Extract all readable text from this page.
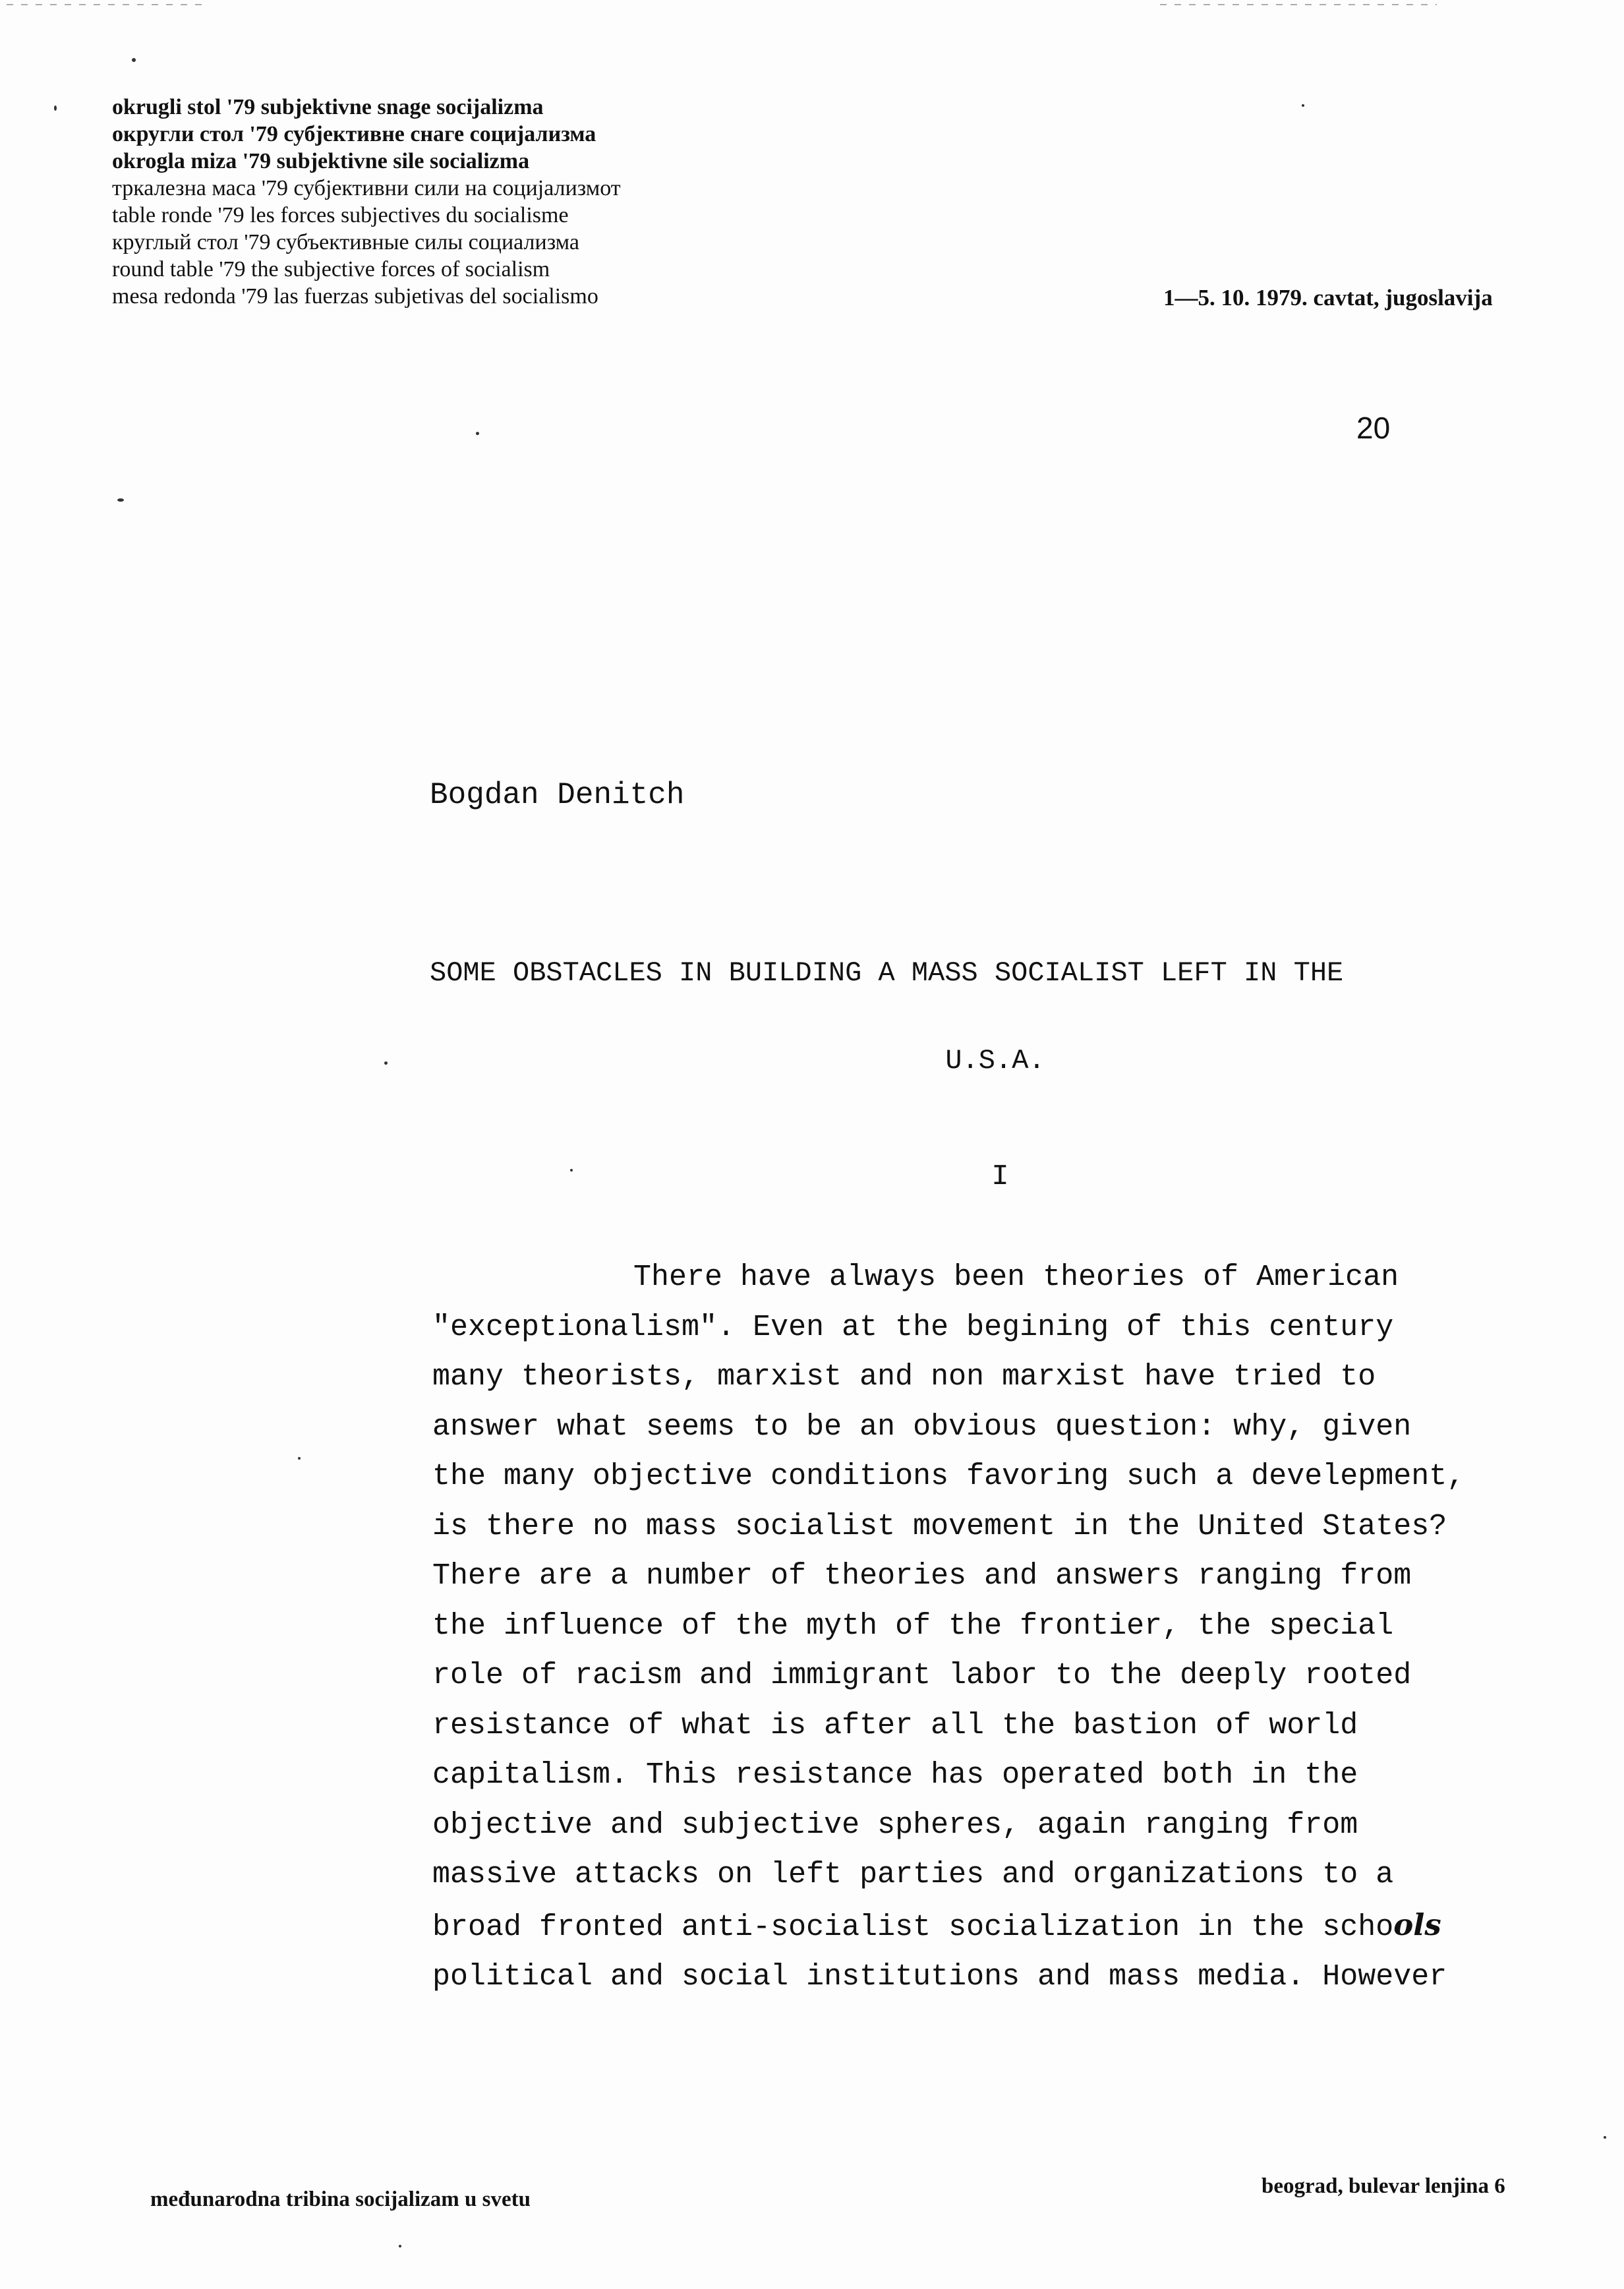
okrugli stol '79 subjektivne snage socijalizma
округли стол '79 субјективне снаге социјализма
okrogla miza '79 subjektivne sile socializma
тркалезна маса '79 субјективни сили на социјализмот
table ronde '79 les forces subjectives du socialisme
круглый стол '79 субъективные силы социализма
round table '79 the subjective forces of socialism
mesa redonda '79 las fuerzas subjetivas del socialismo	1—5. 10. 1979. cavtat, jugoslavija
20
Bogdan Denitch
SOME OBSTACLES IN BUILDING A MASS SOCIALIST LEFT IN THE
U.S.A.
I
There have always been theories of American
"exceptionalism". Even at the begining of this century
many theorists, marxist and non marxist have tried to
answer what seems to be an obvious question: why, given
the many objective conditions favoring such a develepment,
is there no mass socialist movement in the United States?
There are a number of theories and answers ranging from
the influence of the myth of the frontier, the special
role of racism and immigrant labor to the deeply rooted
resistance of what is after all the bastion of world
capitalism. This resistance has operated both in the
objective and subjective spheres, again ranging from
massive attacks on left parties and organizations to a
broad fronted anti-socialist socialization in the schools
political and social institutions and mass media. However
međunarodna tribina socijalizam u svetu
beograd, bulevar lenjina 6
